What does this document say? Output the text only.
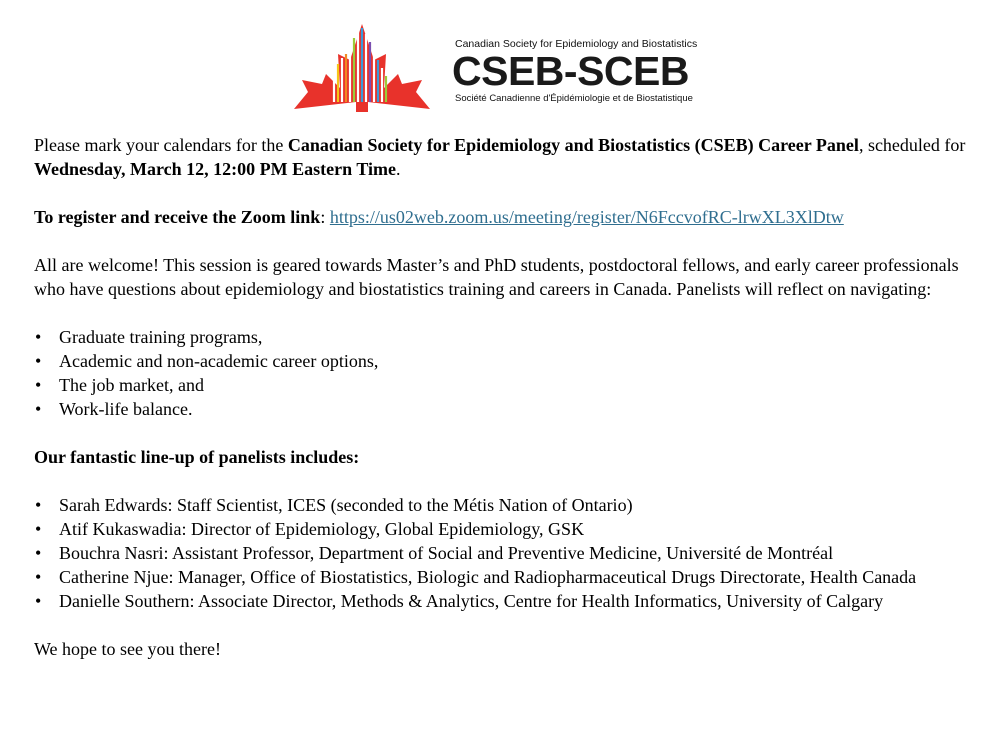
Canadian Society for Epidemiology and Biostatistics
CSEB-SCEB
Société Canadienne d'Épidémiologie et de Biostatistique

Please mark your calendars for the Canadian Society for Epidemiology and Biostatistics (CSEB) Career Panel, scheduled for Wednesday, March 12, 12:00 PM Eastern Time.

To register and receive the Zoom link: https://us02web.zoom.us/meeting/register/N6FccvofRC-lrwXL3XlDtw

All are welcome! This session is geared towards Master’s and PhD students, postdoctoral fellows, and early career professionals who have questions about epidemiology and biostatistics training and careers in Canada. Panelists will reflect on navigating:

• Graduate training programs,
• Academic and non-academic career options,
• The job market, and
• Work-life balance.

Our fantastic line-up of panelists includes:

• Sarah Edwards: Staff Scientist, ICES (seconded to the Métis Nation of Ontario)
• Atif Kukaswadia: Director of Epidemiology, Global Epidemiology, GSK
• Bouchra Nasri: Assistant Professor, Department of Social and Preventive Medicine, Université de Montréal
• Catherine Njue: Manager, Office of Biostatistics, Biologic and Radiopharmaceutical Drugs Directorate, Health Canada
• Danielle Southern: Associate Director, Methods & Analytics, Centre for Health Informatics, University of Calgary

We hope to see you there!
